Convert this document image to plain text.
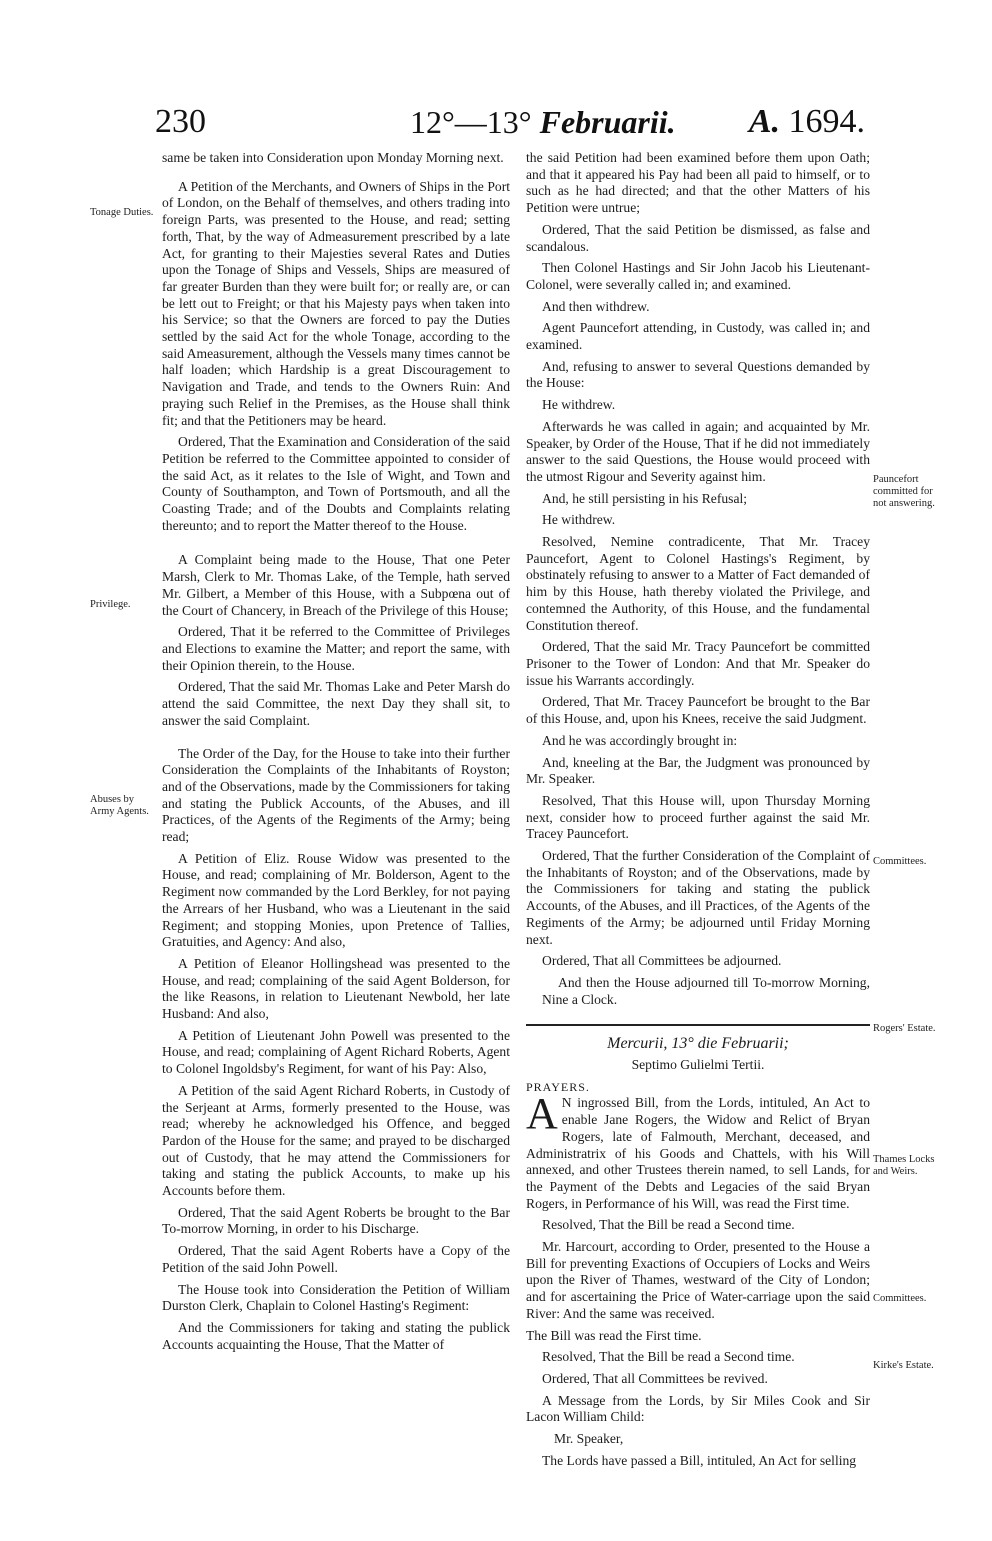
230	12°—13° Februarii.	A. 1694.
Tonage Duties.
Privilege.
Abuses by Army Agents.
Pauncefort committed for not answering.
Committees.
Rogers' Estate.
Thames Locks and Weirs.
Committees.
Kirke's Estate.

same be taken into Consideration upon Monday Morning next.

A Petition of the Merchants, and Owners of Ships in the Port of London, on the Behalf of themselves, and others trading into foreign Parts, was presented to the House, and read; setting forth, That, by the way of Admeasurement prescribed by a late Act, for granting to their Majesties several Rates and Duties upon the Tonage of Ships and Vessels, Ships are measured of far greater Burden than they were built for; or really are, or can be lett out to Freight; or that his Majesty pays when taken into his Service; so that the Owners are forced to pay the Duties settled by the said Act for the whole Tonage, according to the said Ameasurement, although the Vessels many times cannot be half loaden; which Hardship is a great Discouragement to Navigation and Trade, and tends to the Owners Ruin: And praying such Relief in the Premises, as the House shall think fit; and that the Petitioners may be heard.

Ordered, That the Examination and Consideration of the said Petition be referred to the Committee appointed to consider of the said Act, as it relates to the Isle of Wight, and Town and County of Southampton, and Town of Portsmouth, and all the Coasting Trade; and of the Doubts and Complaints relating thereunto; and to report the Matter thereof to the House.

A Complaint being made to the House, That one Peter Marsh, Clerk to Mr. Thomas Lake, of the Temple, hath served Mr. Gilbert, a Member of this House, with a Subpœna out of the Court of Chancery, in Breach of the Privilege of this House;

Ordered, That it be referred to the Committee of Privileges and Elections to examine the Matter; and report the same, with their Opinion therein, to the House.

Ordered, That the said Mr. Thomas Lake and Peter Marsh do attend the said Committee, the next Day they shall sit, to answer the said Complaint.

The Order of the Day, for the House to take into their further Consideration the Complaints of the Inhabitants of Royston; and of the Observations, made by the Commissioners for taking and stating the Publick Accounts, of the Abuses, and ill Practices, of the Agents of the Regiments of the Army; being read;

A Petition of Eliz. Rouse Widow was presented to the House, and read; complaining of Mr. Bolderson, Agent to the Regiment now commanded by the Lord Berkley, for not paying the Arrears of her Husband, who was a Lieutenant in the said Regiment; and stopping Monies, upon Pretence of Tallies, Gratuities, and Agency: And also,

A Petition of Eleanor Hollingshead was presented to the House, and read; complaining of the said Agent Bolderson, for the like Reasons, in relation to Lieutenant Newbold, her late Husband: And also,

A Petition of Lieutenant John Powell was presented to the House, and read; complaining of Agent Richard Roberts, Agent to Colonel Ingoldsby's Regiment, for want of his Pay: Also,

A Petition of the said Agent Richard Roberts, in Custody of the Serjeant at Arms, formerly presented to the House, was read; whereby he acknowledged his Offence, and begged Pardon of the House for the same; and prayed to be discharged out of Custody, that he may attend the Commissioners for taking and stating the publick Accounts, to make up his Accounts before them.

Ordered, That the said Agent Roberts be brought to the Bar To-morrow Morning, in order to his Discharge.

Ordered, That the said Agent Roberts have a Copy of the Petition of the said John Powell.

The House took into Consideration the Petition of William Durston Clerk, Chaplain to Colonel Hasting's Regiment:

And the Commissioners for taking and stating the publick Accounts acquainting the House, That the Matter of

the said Petition had been examined before them upon Oath; and that it appeared his Pay had been all paid to himself, or to such as he had directed; and that the other Matters of his Petition were untrue;

Ordered, That the said Petition be dismissed, as false and scandalous.

Then Colonel Hastings and Sir John Jacob his Lieutenant-Colonel, were severally called in; and examined.

And then withdrew.

Agent Pauncefort attending, in Custody, was called in; and examined.

And, refusing to answer to several Questions demanded by the House:

He withdrew.

Afterwards he was called in again; and acquainted by Mr. Speaker, by Order of the House, That if he did not immediately answer to the said Questions, the House would proceed with the utmost Rigour and Severity against him.

And, he still persisting in his Refusal;

He withdrew.

Resolved, Nemine contradicente, That Mr. Tracey Pauncefort, Agent to Colonel Hastings's Regiment, by obstinately refusing to answer to a Matter of Fact demanded of him by this House, hath thereby violated the Privilege, and contemned the Authority, of this House, and the fundamental Constitution thereof.

Ordered, That the said Mr. Tracy Pauncefort be committed Prisoner to the Tower of London: And that Mr. Speaker do issue his Warrants accordingly.

Ordered, That Mr. Tracey Pauncefort be brought to the Bar of this House, and, upon his Knees, receive the said Judgment.

And he was accordingly brought in:

And, kneeling at the Bar, the Judgment was pronounced by Mr. Speaker.

Resolved, That this House will, upon Thursday Morning next, consider how to proceed further against the said Mr. Tracey Pauncefort.

Ordered, That the further Consideration of the Complaint of the Inhabitants of Royston; and of the Observations, made by the Commissioners for taking and stating the publick Accounts, of the Abuses, and ill Practices, of the Agents of the Regiments of the Army; be adjourned until Friday Morning next.

Ordered, That all Committees be adjourned.

And then the House adjourned till To-morrow Morning, Nine a Clock.

Mercurii, 13° die Februarii;

Septimo Gulielmi Tertii.

PRAYERS.

A N ingrossed Bill, from the Lords, intituled, An Act to enable Jane Rogers, the Widow and Relict of Bryan Rogers, late of Falmouth, Merchant, deceased, and Administratrix of his Goods and Chattels, with his Will annexed, and other Trustees therein named, to sell Lands, for the Payment of the Debts and Legacies of the said Bryan Rogers, in Performance of his Will, was read the First time.

Resolved, That the Bill be read a Second time.

Mr. Harcourt, according to Order, presented to the House a Bill for preventing Exactions of Occupiers of Locks and Weirs upon the River of Thames, westward of the City of London; and for ascertaining the Price of Water-carriage upon the said River: And the same was received.

The Bill was read the First time.

Resolved, That the Bill be read a Second time.

Ordered, That all Committees be revived.

A Message from the Lords, by Sir Miles Cook and Sir Lacon William Child:

Mr. Speaker,

The Lords have passed a Bill, intituled, An Act for selling
